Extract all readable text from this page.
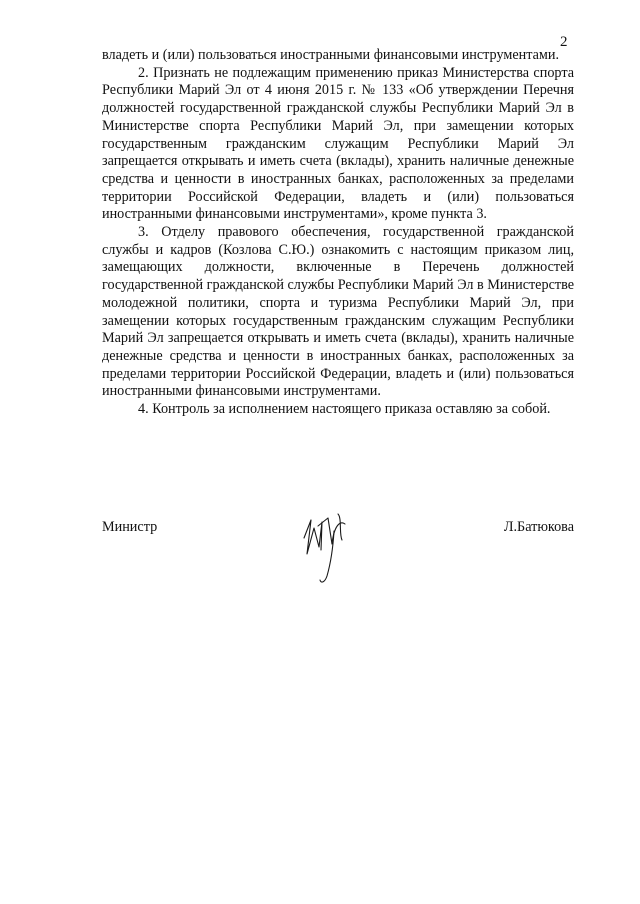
2

владеть и (или) пользоваться иностранными финансовыми инструментами.

2. Признать не подлежащим применению приказ Министерства спорта Республики Марий Эл от 4 июня 2015 г. № 133 «Об утверждении Перечня должностей государственной гражданской службы Республики Марий Эл в Министерстве спорта Республики Марий Эл, при замещении которых государственным гражданским служащим Республики Марий Эл запрещается открывать и иметь счета (вклады), хранить наличные денежные средства и ценности в иностранных банках, расположенных за пределами территории Российской Федерации, владеть и (или) пользоваться иностранными финансовыми инструментами», кроме пункта 3.

3. Отделу правового обеспечения, государственной гражданской службы и кадров (Козлова С.Ю.) ознакомить с настоящим приказом лиц, замещающих должности, включенные в Перечень должностей государственной гражданской службы Республики Марий Эл в Министерстве молодежной политики, спорта и туризма Республики Марий Эл, при замещении которых государственным гражданским служащим Республики Марий Эл запрещается открывать и иметь счета (вклады), хранить наличные денежные средства и ценности в иностранных банках, расположенных за пределами территории Российской Федерации, владеть и (или) пользоваться иностранными финансовыми инструментами.

4. Контроль за исполнением настоящего приказа оставляю за собой.

Министр	Л.Батюкова
